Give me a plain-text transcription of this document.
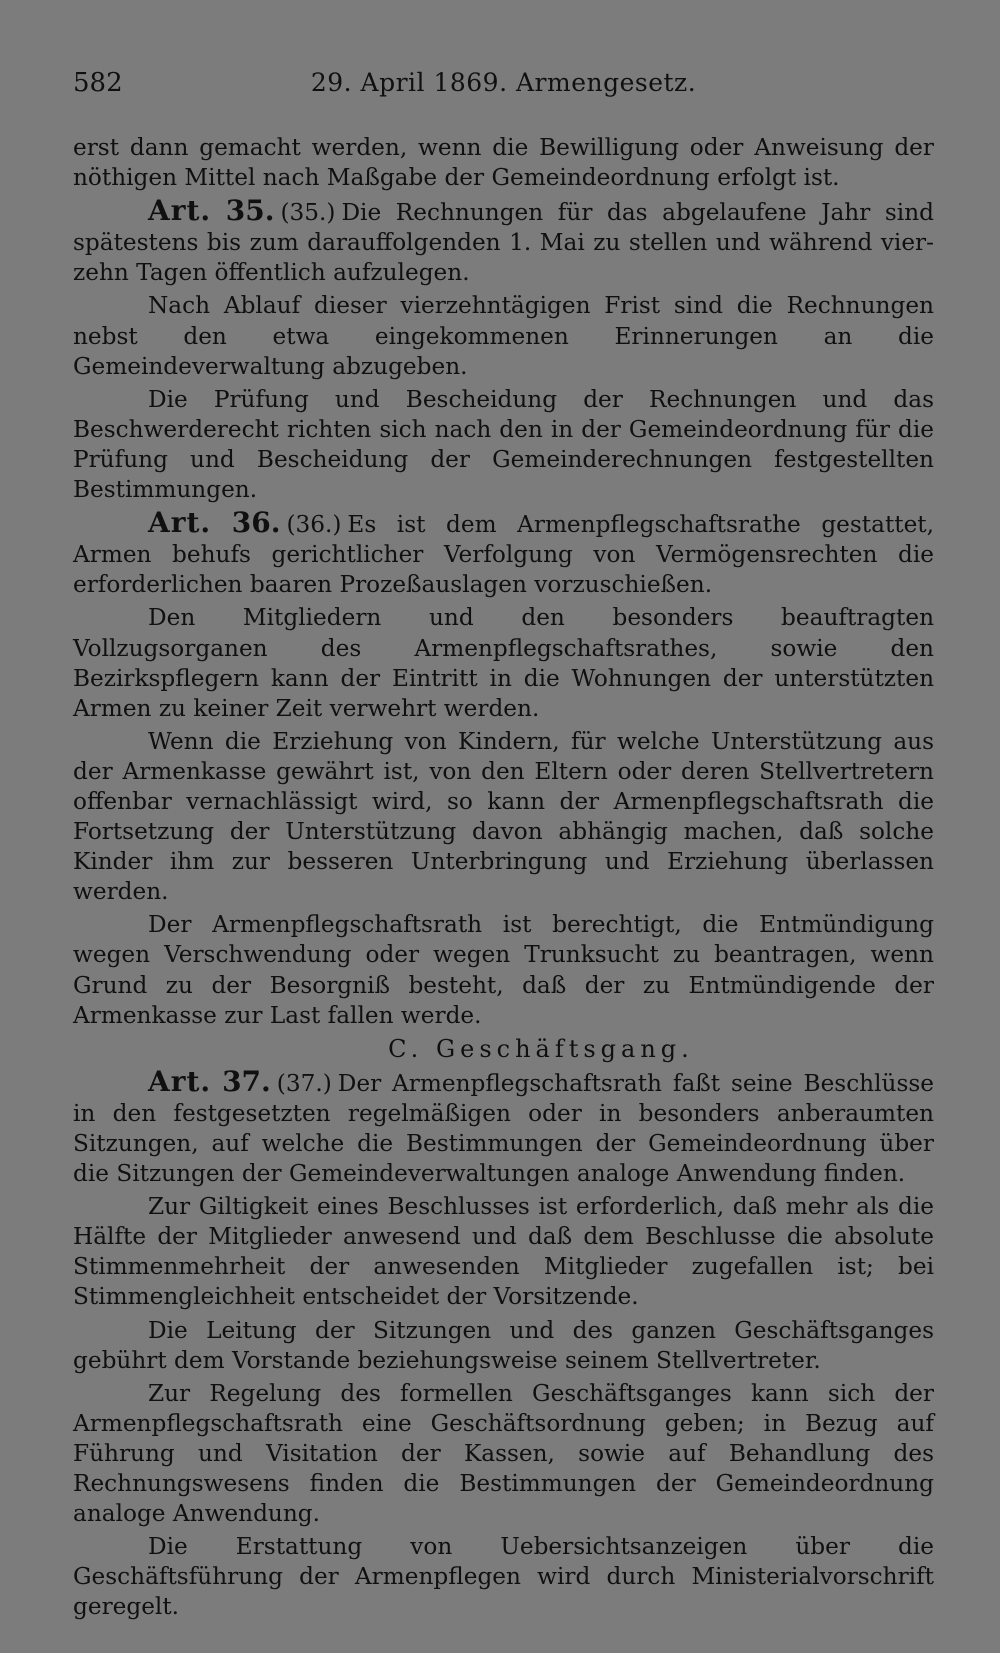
582	29. April 1869. Armengesetz.

erst dann gemacht werden, wenn die Bewilligung oder Anweisung der nöthigen Mittel nach Maßgabe der Gemeindeordnung erfolgt ist.

Art. 35. (35.) Die Rechnungen für das abgelaufene Jahr sind spätestens bis zum darauffolgenden 1. Mai zu stellen und während vierzehn Tagen öffentlich aufzulegen.

Nach Ablauf dieser vierzehntägigen Frist sind die Rechnungen nebst den etwa eingekommenen Erinnerungen an die Gemeindeverwaltung abzugeben.

Die Prüfung und Bescheidung der Rechnungen und das Beschwerderecht richten sich nach den in der Gemeindeordnung für die Prüfung und Bescheidung der Gemeinderechnungen festgestellten Bestimmungen.

Art. 36. (36.) Es ist dem Armenpflegschaftsrathe gestattet, Armen behufs gerichtlicher Verfolgung von Vermögensrechten die erforderlichen baaren Prozeßauslagen vorzuschießen.

Den Mitgliedern und den besonders beauftragten Vollzugsorganen des Armenpflegschaftsrathes, sowie den Bezirkspflegern kann der Eintritt in die Wohnungen der unterstützten Armen zu keiner Zeit verwehrt werden.

Wenn die Erziehung von Kindern, für welche Unterstützung aus der Armenkasse gewährt ist, von den Eltern oder deren Stellvertretern offenbar vernachlässigt wird, so kann der Armenpflegschaftsrath die Fortsetzung der Unterstützung davon abhängig machen, daß solche Kinder ihm zur besseren Unterbringung und Erziehung überlassen werden.

Der Armenpflegschaftsrath ist berechtigt, die Entmündigung wegen Verschwendung oder wegen Trunksucht zu beantragen, wenn Grund zu der Besorgniß besteht, daß der zu Entmündigende der Armenkasse zur Last fallen werde.

C. Geschäftsgang.

Art. 37. (37.) Der Armenpflegschaftsrath faßt seine Beschlüsse in den festgesetzten regelmäßigen oder in besonders anberaumten Sitzungen, auf welche die Bestimmungen der Gemeindeordnung über die Sitzungen der Gemeindeverwaltungen analoge Anwendung finden.

Zur Giltigkeit eines Beschlusses ist erforderlich, daß mehr als die Hälfte der Mitglieder anwesend und daß dem Beschlusse die absolute Stimmenmehrheit der anwesenden Mitglieder zugefallen ist; bei Stimmengleichheit entscheidet der Vorsitzende.

Die Leitung der Sitzungen und des ganzen Geschäftsganges gebührt dem Vorstande beziehungsweise seinem Stellvertreter.

Zur Regelung des formellen Geschäftsganges kann sich der Armenpflegschaftsrath eine Geschäftsordnung geben; in Bezug auf Führung und Visitation der Kassen, sowie auf Behandlung des Rechnungswesens finden die Bestimmungen der Gemeindeordnung analoge Anwendung.

Die Erstattung von Uebersichtsanzeigen über die Geschäftsführung der Armenpflegen wird durch Ministerialvorschrift geregelt.
